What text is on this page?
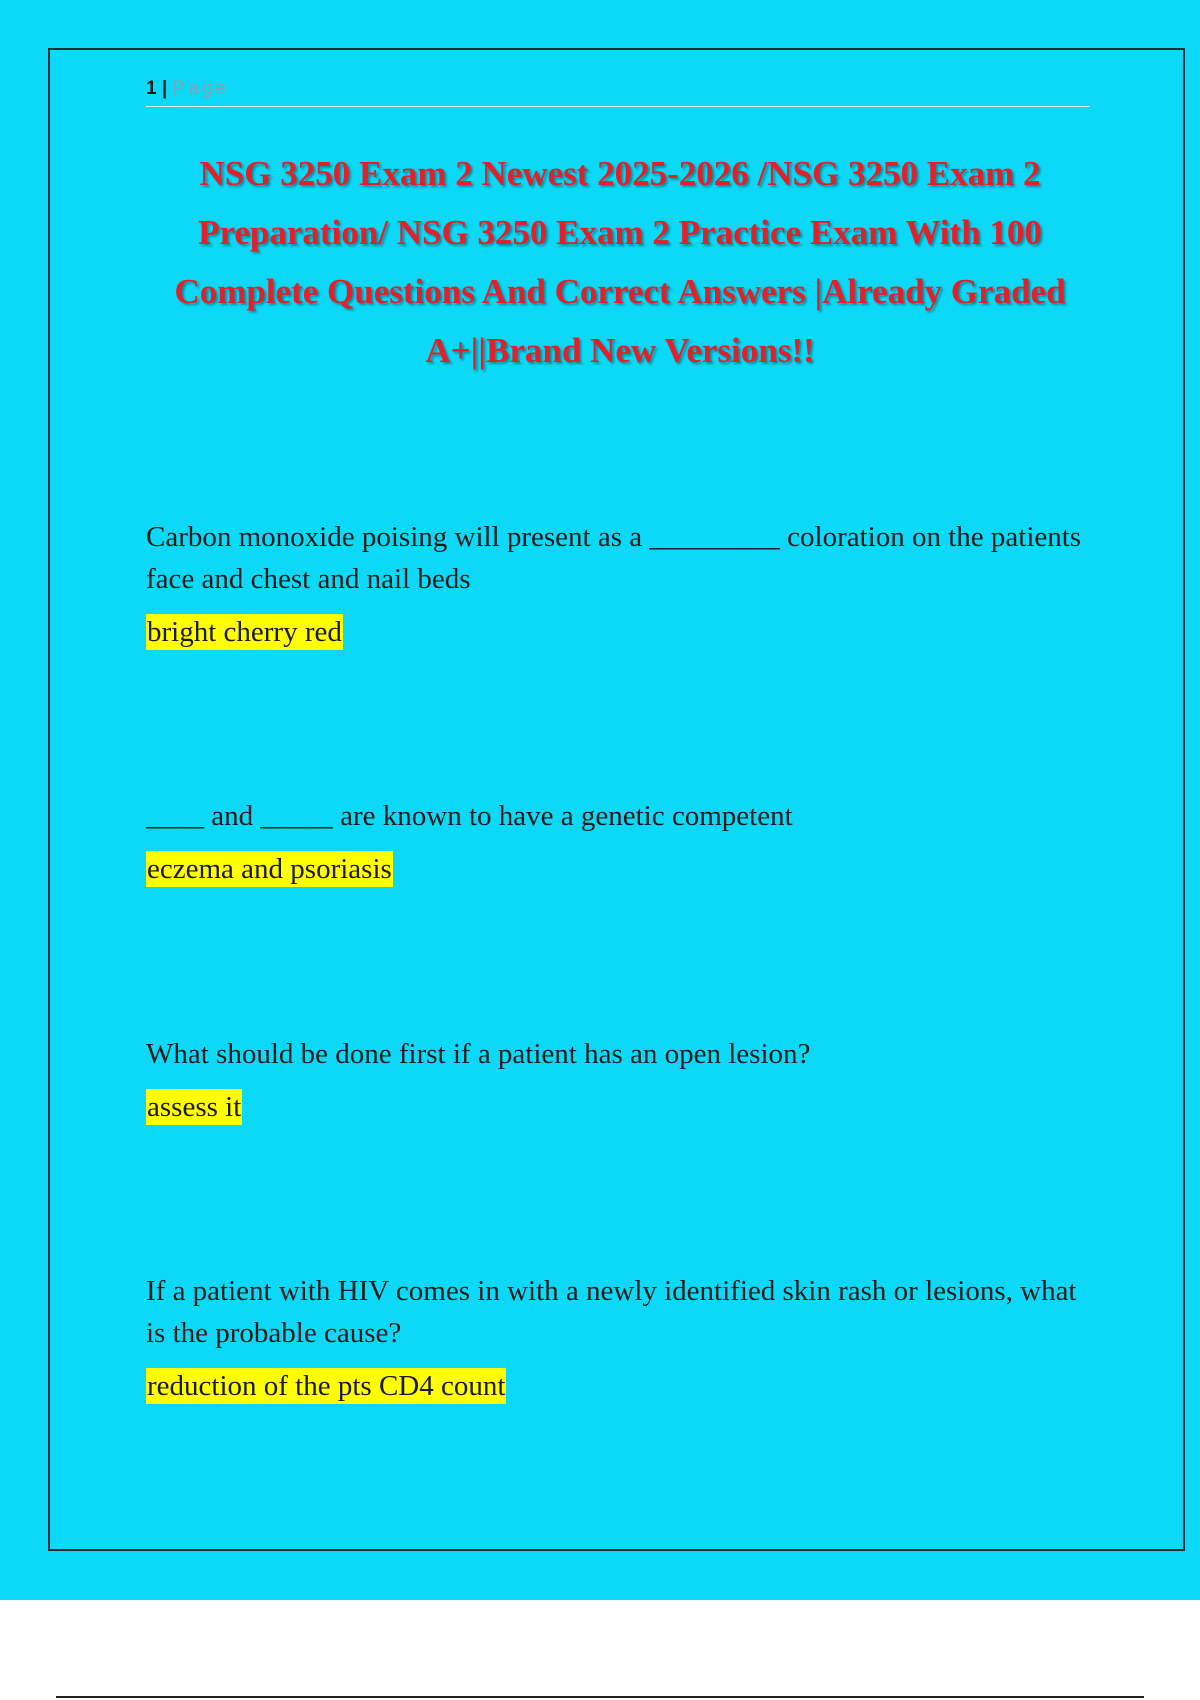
1 | Page
NSG 3250 Exam 2 Newest 2025-2026 /NSG 3250 Exam 2 Preparation/ NSG 3250 Exam 2 Practice Exam With 100 Complete Questions And Correct Answers |Already Graded A+||Brand New Versions!!

Carbon monoxide poising will present as a _________ coloration on the patients face and chest and nail beds

bright cherry red

____ and _____ are known to have a genetic competent

eczema and psoriasis

What should be done first if a patient has an open lesion?

assess it

If a patient with HIV comes in with a newly identified skin rash or lesions, what is the probable cause?

reduction of the pts CD4 count
